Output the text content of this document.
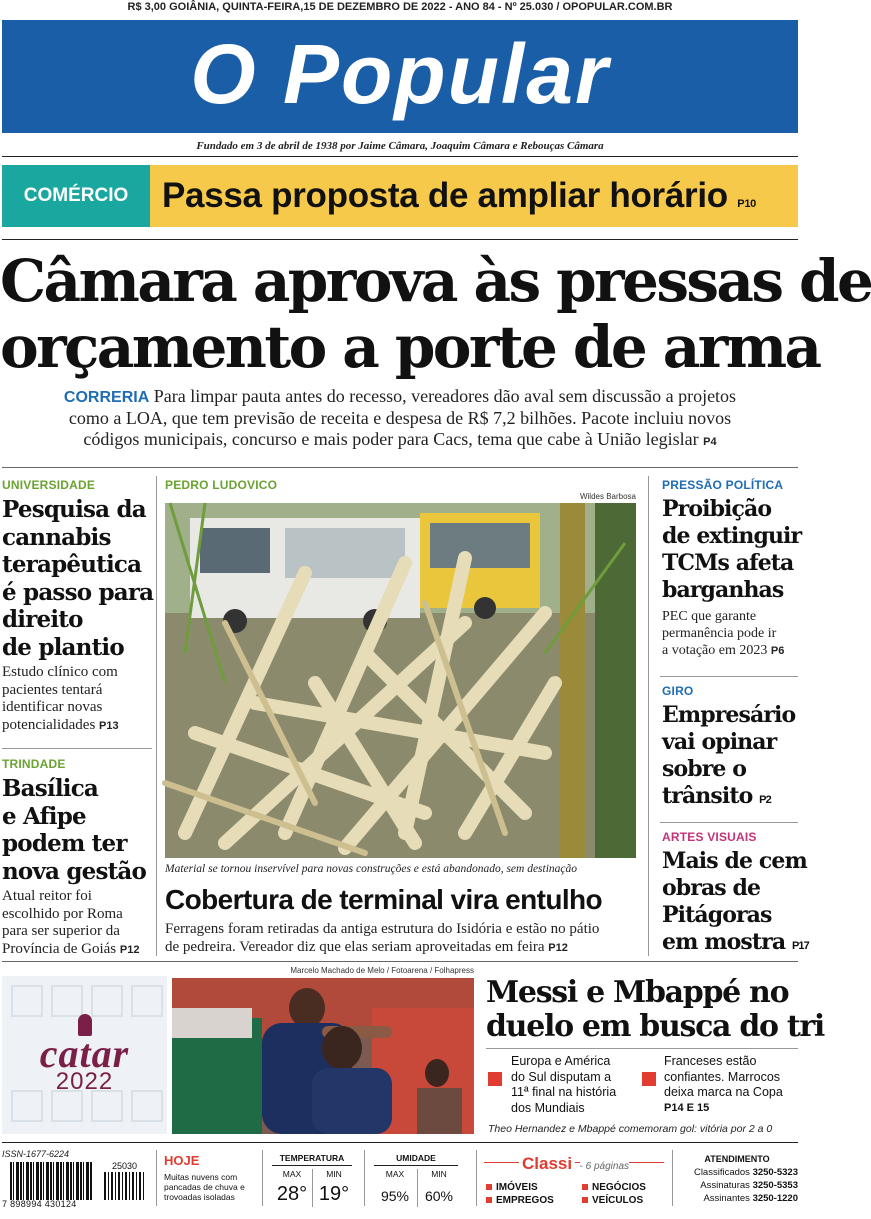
R$ 3,00 GOIÂNIA, QUINTA-FEIRA,15 DE DEZEMBRO DE 2022 - ANO 84 - Nº 25.030 / OPOPULAR.COM.BR
O Popular
Fundado em 3 de abril de 1938 por Jaime Câmara, Joaquim Câmara e Rebouças Câmara
COMÉRCIO Passa proposta de ampliar horário P10
Câmara aprova às pressas de
orçamento a porte de arma
CORRERIA Para limpar pauta antes do recesso, vereadores dão aval sem discussão a projetos
como a LOA, que tem previsão de receita e despesa de R$ 7,2 bilhões. Pacote incluiu novos
códigos municipais, concurso e mais poder para Cacs, tema que cabe à União legislar P4
UNIVERSIDADE
Pesquisa da
cannabis
terapêutica
é passo para
direito
de plantio
Estudo clínico com
pacientes tentará
identificar novas
potencialidades P13
TRINDADE
Basílica
e Afipe
podem ter
nova gestão
Atual reitor foi
escolhido por Roma
para ser superior da
Província de Goiás P12
PEDRO LUDOVICO
Wildes Barbosa
Material se tornou inservível para novas construções e está abandonado, sem destinação
Cobertura de terminal vira entulho
Ferragens foram retiradas da antiga estrutura do Isidória e estão no pátio
de pedreira. Vereador diz que elas seriam aproveitadas em feira P12
PRESSÃO POLÍTICA
Proibição
de extinguir
TCMs afeta
barganhas
PEC que garante
permanência pode ir
a votação em 2023 P6
GIRO
Empresário
vai opinar
sobre o
trânsito P2
ARTES VISUAIS
Mais de cem
obras de
Pitágoras
em mostra P17
Marcelo Machado de Melo / Fotoarena / Folhapress
catar
2022
Messi e Mbappé no
duelo em busca do tri
Europa e América
do Sul disputam a
11ª final na história
dos Mundiais
Franceses estão
confiantes. Marrocos
deixa marca na Copa
P14 E 15
Theo Hernandez e Mbappé comemoram gol: vitória por 2 a 0
ISSN-1677-6224
25030
7 898994 430124
HOJE
Muitas nuvens com
pancadas de chuva e
trovoadas isoladas
TEMPERATURA
MAX	MIN
28° 19°
UMIDADE
MAX	MIN
95%	60%
Classi - 6 páginas
IMÓVEIS
EMPREGOS
NEGÓCIOS
VEÍCULOS
ATENDIMENTO
Classificados 3250-5323
Assinaturas 3250-5353
Assinantes 3250-1220
